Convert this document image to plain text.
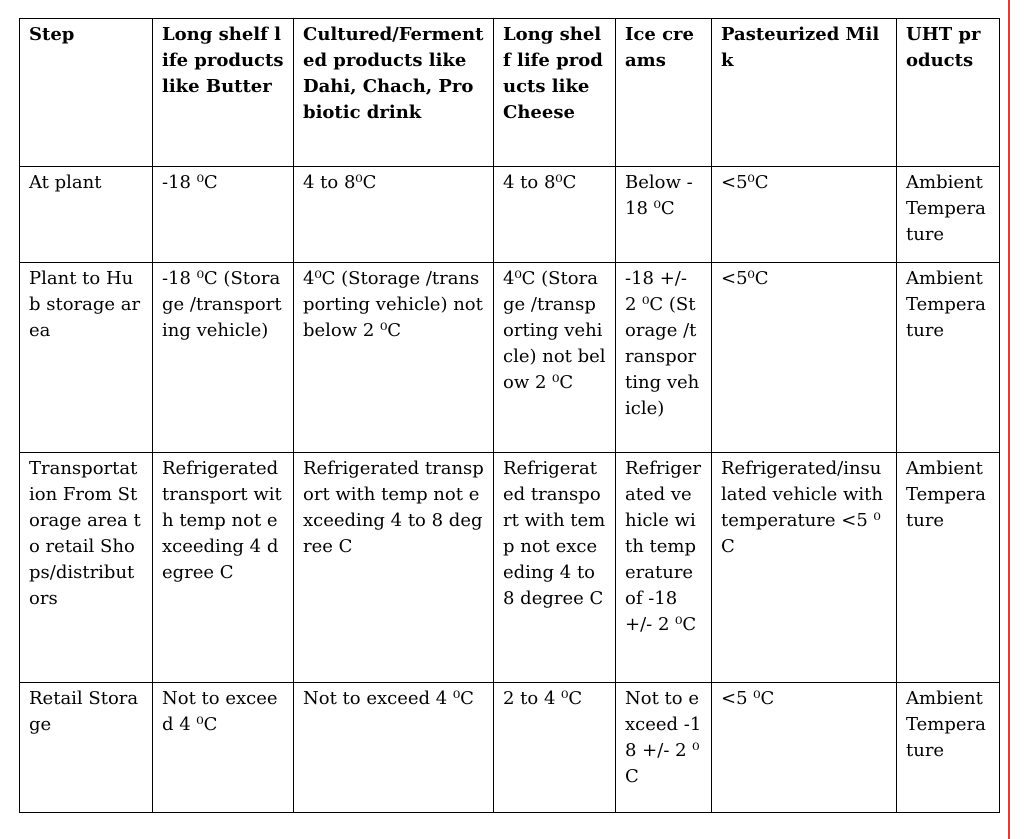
Step	Long shelf life products like Butter	Cultured/Fermented products like Dahi, Chach, Probiotic drink	Long shelf life products like Cheese	Ice creams	Pasteurized Milk	UHT products
At plant	-18 ⁰C	4 to 8⁰C	4 to 8⁰C	Below -18 ⁰C	<5⁰C	Ambient Temperature
Plant to Hub storage area	-18 ⁰C (Storage /transporting vehicle)	4⁰C (Storage /transporting vehicle) not below 2 ⁰C	4⁰C (Storage /transporting vehicle) not below 2 ⁰C	-18 +/- 2 ⁰C (Storage /transporting vehicle)	<5⁰C	Ambient Temperature
Transportation From Storage area to retail Shops/distributors	Refrigerated transport with temp not exceeding 4 degree C	Refrigerated transport with temp not exceeding 4 to 8 degree C	Refrigerated transport with temp not exceeding 4 to 8 degree C	Refrigerated vehicle with temperature of -18 +/- 2 ⁰C	Refrigerated/insulated vehicle with temperature <5 ⁰C	Ambient Temperature
Retail Storage	Not to exceed 4 ⁰C	Not to exceed 4 ⁰C	2 to 4 ⁰C	Not to exceed -18 +/- 2 ⁰C	<5 ⁰C	Ambient Temperature
